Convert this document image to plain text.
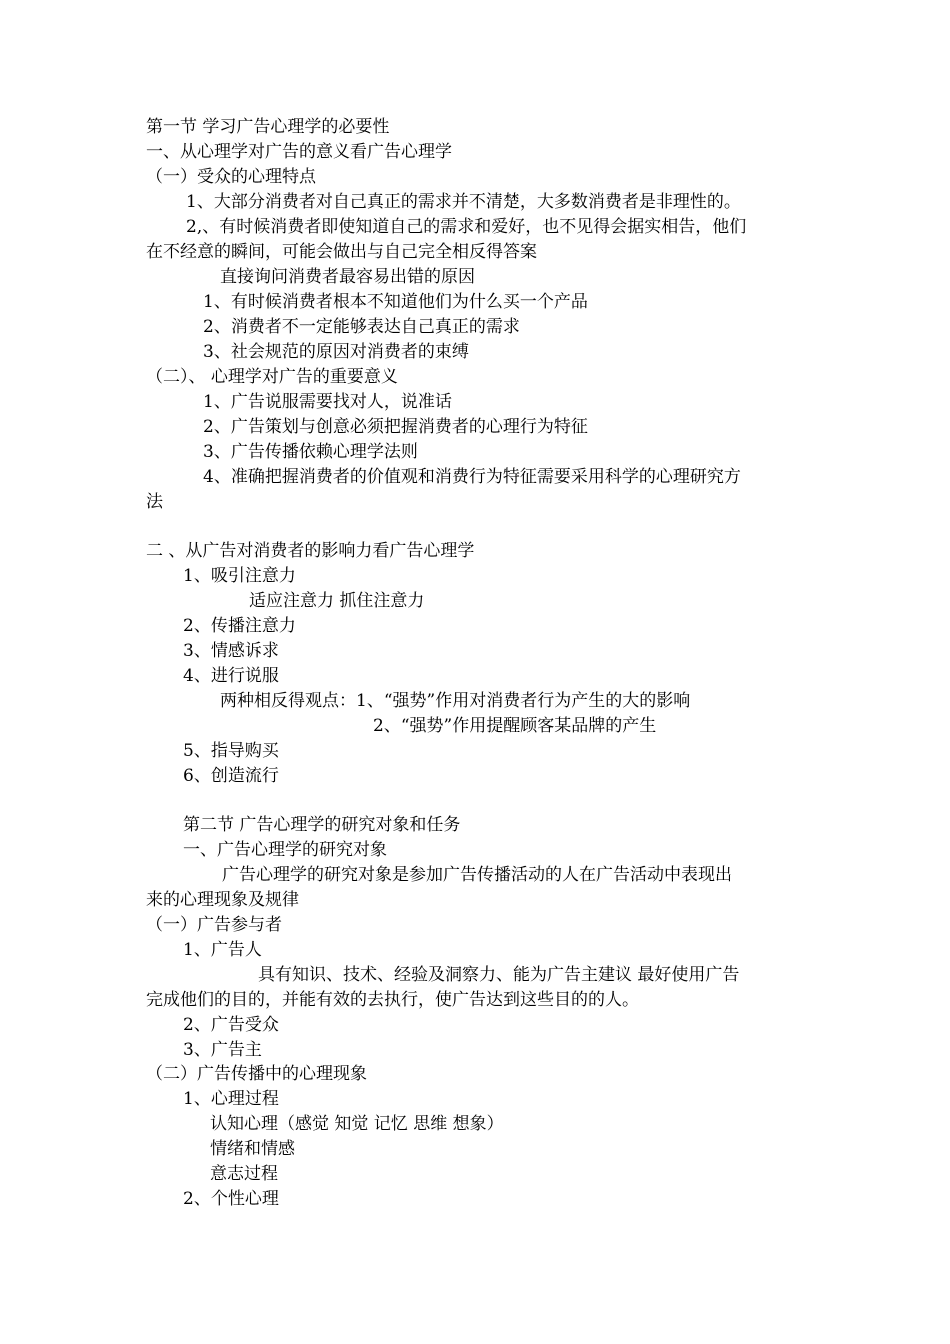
第一节 学习广告心理学的必要性
一、从心理学对广告的意义看广告心理学
（一）受众的心理特点
1、大部分消费者对自己真正的需求并不清楚，大多数消费者是非理性的。
2,、有时候消费者即使知道自己的需求和爱好，也不见得会据实相告，他们
在不经意的瞬间，可能会做出与自己完全相反得答案
直接询问消费者最容易出错的原因
1、有时候消费者根本不知道他们为什么买一个产品
2、消费者不一定能够表达自己真正的需求
3、社会规范的原因对消费者的束缚
（二）、 心理学对广告的重要意义
1、广告说服需要找对人，说准话
2、广告策划与创意必须把握消费者的心理行为特征
3、广告传播依赖心理学法则
4、准确把握消费者的价值观和消费行为特征需要采用科学的心理研究方
法
二 、从广告对消费者的影响力看广告心理学
1、吸引注意力
适应注意力 抓住注意力
2、传播注意力
3、情感诉求
4、进行说服
两种相反得观点：1、“强势”作用对消费者行为产生的大的影响
2、“强势”作用提醒顾客某品牌的产生
5、指导购买
6、创造流行
第二节 广告心理学的研究对象和任务
一、广告心理学的研究对象
广告心理学的研究对象是参加广告传播活动的人在广告活动中表现出
来的心理现象及规律
（一）广告参与者
1、广告人
具有知识、技术、经验及洞察力、能为广告主建议 最好使用广告
完成他们的目的，并能有效的去执行，使广告达到这些目的的人。
2、广告受众
3、广告主
（二）广告传播中的心理现象
1、心理过程
认知心理（感觉 知觉 记忆 思维 想象）
情绪和情感
意志过程
2、个性心理
